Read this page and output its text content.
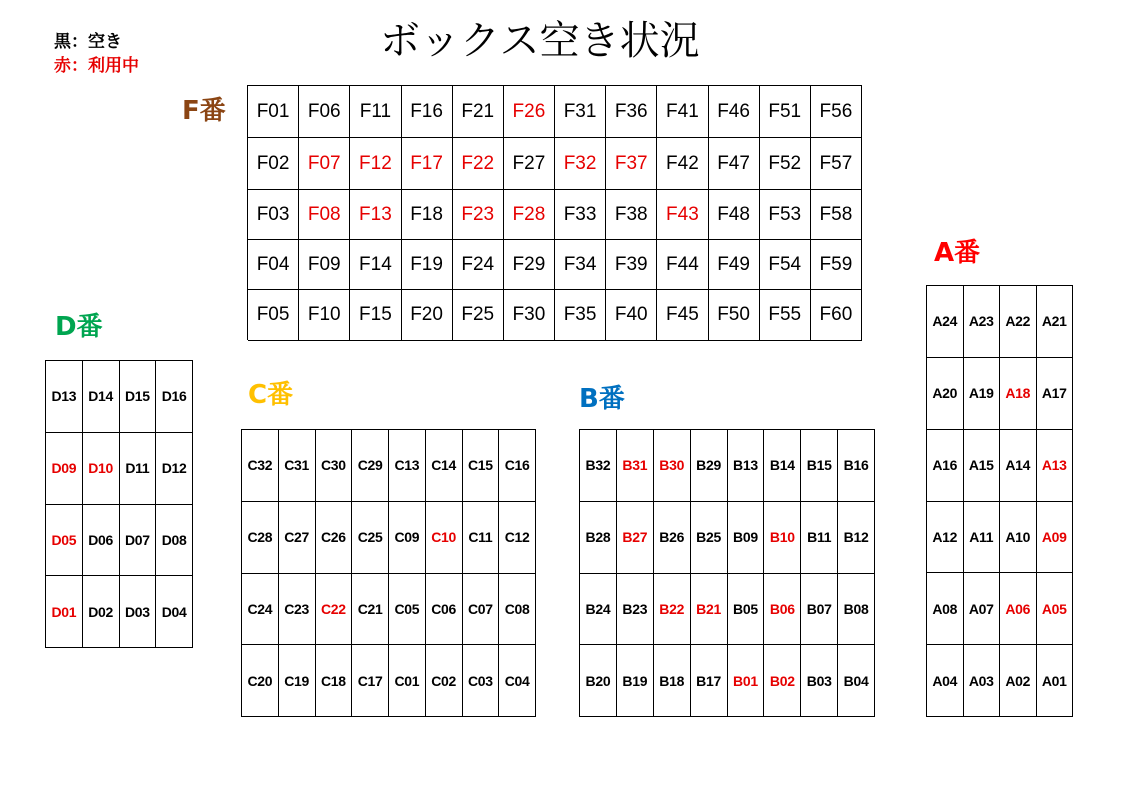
ボックス空き状況
黒：空き
赤：利用中
F番	F01 F06	F11	F16 F21 F26 F31 F36 F41 F46 F51 F56
F02 F07 F12 F17 F22 F27 F32 F37 F42 F47 F52 F57
F03 F08 F13 F18 F23 F28 F33 F38 F43 F48 F53 F58
F04 F09 F14 F19 F24 F29 F34 F39 F44 F49 F54 F59
F05 F10 F15 F20 F25 F30 F35 F40 F45 F50 F55 F60
A番
A24 A23 A22 A21
A20 A19 A18 A17
A16 A15 A14 A13
A12 A11 A10 A09
A08 A07 A06 A05
A04 A03 A02 A01
D番
D13 D14 D15 D16
D09 D10 D11 D12
D05 D06 D07 D08
D01 D02 D03 D04
C番
C32 C31 C30 C29 C13 C14 C15 C16
C28 C27 C26 C25 C09 C10 C11 C12
C24 C23 C22 C21 C05 C06 C07 C08
C20 C19 C18 C17 C01 C02 C03 C04
B番
B32 B31 B30 B29 B13 B14 B15 B16
B28 B27 B26 B25 B09 B10 B11 B12
B24 B23 B22 B21 B05 B06 B07 B08
B20 B19 B18 B17 B01 B02 B03 B04
